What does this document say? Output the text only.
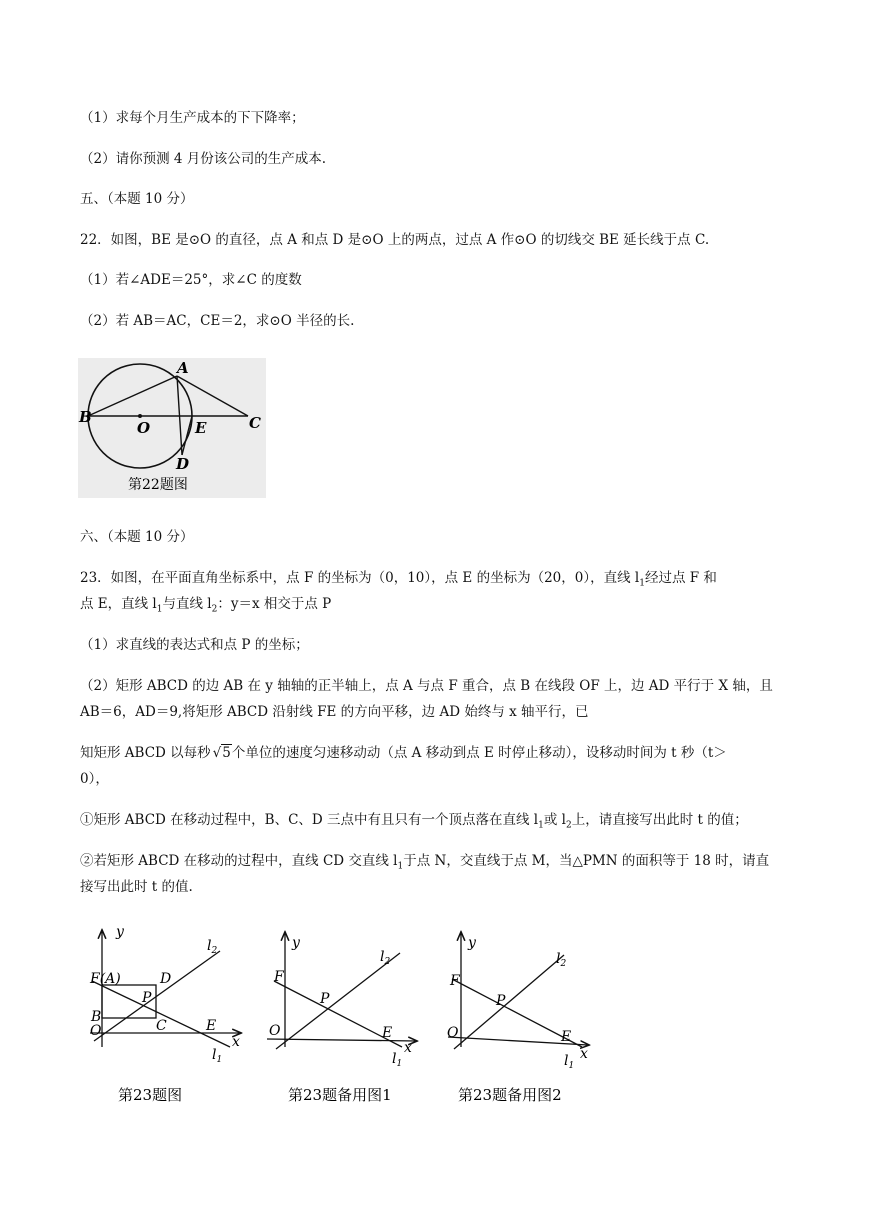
（1）求每个月生产成本的下下降率；
（2）请你预测 4 月份该公司的生产成本.
五、（本题 10 分）
22．如图，BE 是⊙O 的直径，点 A 和点 D 是⊙O 上的两点，过点 A 作⊙O 的切线交 BE 延长线于点 C.
（1）若∠ADE＝25°，求∠C 的度数
（2）若 AB＝AC，CE＝2，求⊙O 半径的长.
A
B
O	E	C
D
第22题图
六、（本题 10 分）
23．如图，在平面直角坐标系中，点 F 的坐标为（0，10），点 E 的坐标为（20，0），直线 $l_1$经过点 F 和
点 E，直线 $l_1$与直线 $l_2$：y＝x 相交于点 P
（1）求直线的表达式和点 P 的坐标；
（2）矩形 ABCD 的边 AB 在 y 轴轴的正半轴上，点 A 与点 F 重合，点 B 在线段 OF 上，边 AD 平行于 X 轴，且
AB＝6，AD＝9,将矩形 ABCD 沿射线 FE 的方向平移，边 AD 始终与 x 轴平行，已
知矩形 ABCD 以每秒 √5个单位的速度匀速移动动（点 A 移动到点 E 时停止移动），设移动时间为 t 秒（t＞
0），
①矩形 ABCD 在移动过程中，B、C、D 三点中有且只有一个顶点落在直线 $l_1$或 $l_2$上，请直接写出此时 t 的值；
②若矩形 ABCD 在移动的过程中，直线 CD 交直线 $l_1$于点 N，交直线于点 M，当△PMN 的面积等于 18 时，请直
接写出此时 t 的值.
y
x
$l_2$
$l_1$
F(A)	D
P
B
C
O	E
第23题图
y
x
$l_2$
$l_1$
F
P
O	E
第23题备用图1
y
x
$l_2$
$l_1$
F
P
O	E
第23题备用图2
